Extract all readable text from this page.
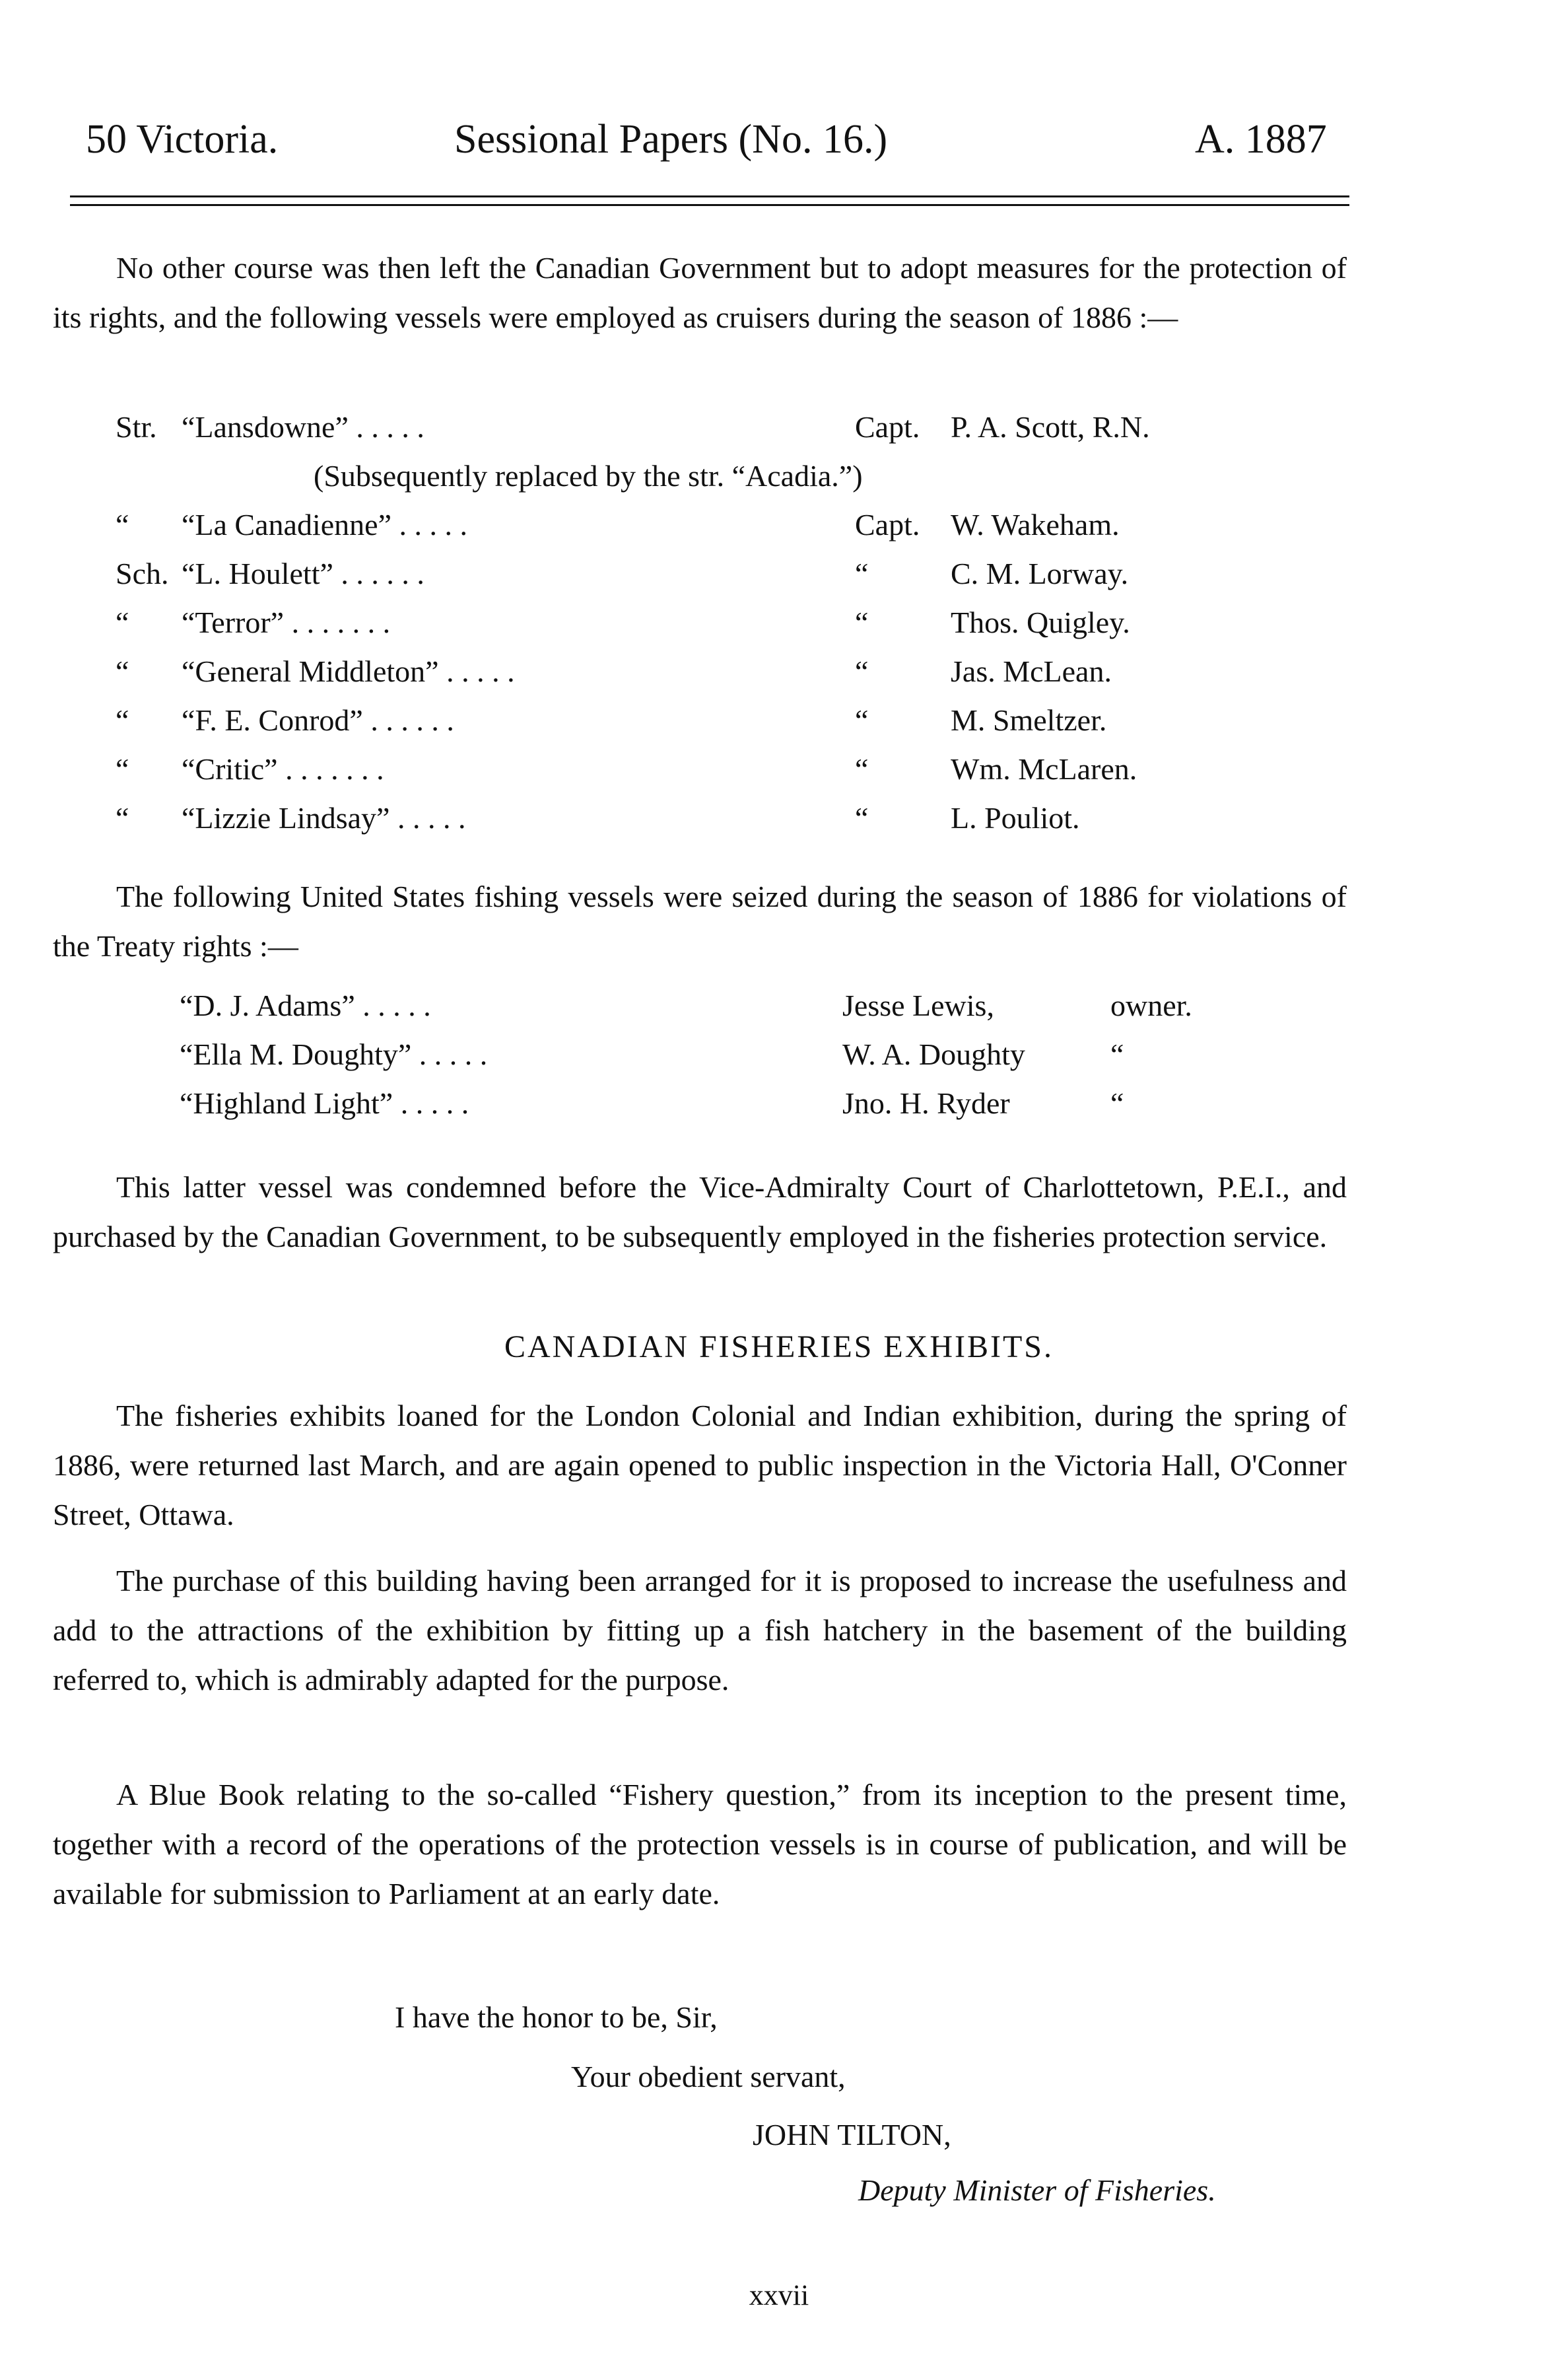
50 Victoria.	Sessional Papers (No. 16.)	A. 1887

No other course was then left the Canadian Government but to adopt measures for the protection of its rights, and the following vessels were employed as cruisers during the season of 1886 :—

Str. “Lansdowne” . . . . .	Capt. P. A. Scott, R.N.
(Subsequently replaced by the str. “Acadia.”)
“ “La Canadienne” . . . . .	Capt. W. Wakeham.
Sch. “L. Houlett” . . . . . .	“	C. M. Lorway.
“ “Terror” . . . . . . .	“	Thos. Quigley.
“ “General Middleton” . . . . .	“	Jas. McLean.
“ “F. E. Conrod” . . . . . .	“	M. Smeltzer.
“ “Critic” . . . . . . .	“	Wm. McLaren.
“ “Lizzie Lindsay” . . . . .	“	L. Pouliot.

The following United States fishing vessels were seized during the season of 1886 for violations of the Treaty rights :—

“D. J. Adams” . . . . .	Jesse Lewis,	owner.
“Ella M. Doughty” . . . . .	W. A. Doughty	“
“Highland Light” . . . . .	Jno. H. Ryder	“

This latter vessel was condemned before the Vice-Admiralty Court of Charlottetown, P.E.I., and purchased by the Canadian Government, to be subsequently employed in the fisheries protection service.

CANADIAN FISHERIES EXHIBITS.

The fisheries exhibits loaned for the London Colonial and Indian exhibition, during the spring of 1886, were returned last March, and are again opened to public inspection in the Victoria Hall, O'Conner Street, Ottawa.

The purchase of this building having been arranged for it is proposed to increase the usefulness and add to the attractions of the exhibition by fitting up a fish hatchery in the basement of the building referred to, which is admirably adapted for the purpose.

A Blue Book relating to the so-called “Fishery question,” from its inception to the present time, together with a record of the operations of the protection vessels is in course of publication, and will be available for submission to Parliament at an early date.

I have the honor to be, Sir,
Your obedient servant,
JOHN TILTON,
Deputy Minister of Fisheries.
xxvii
